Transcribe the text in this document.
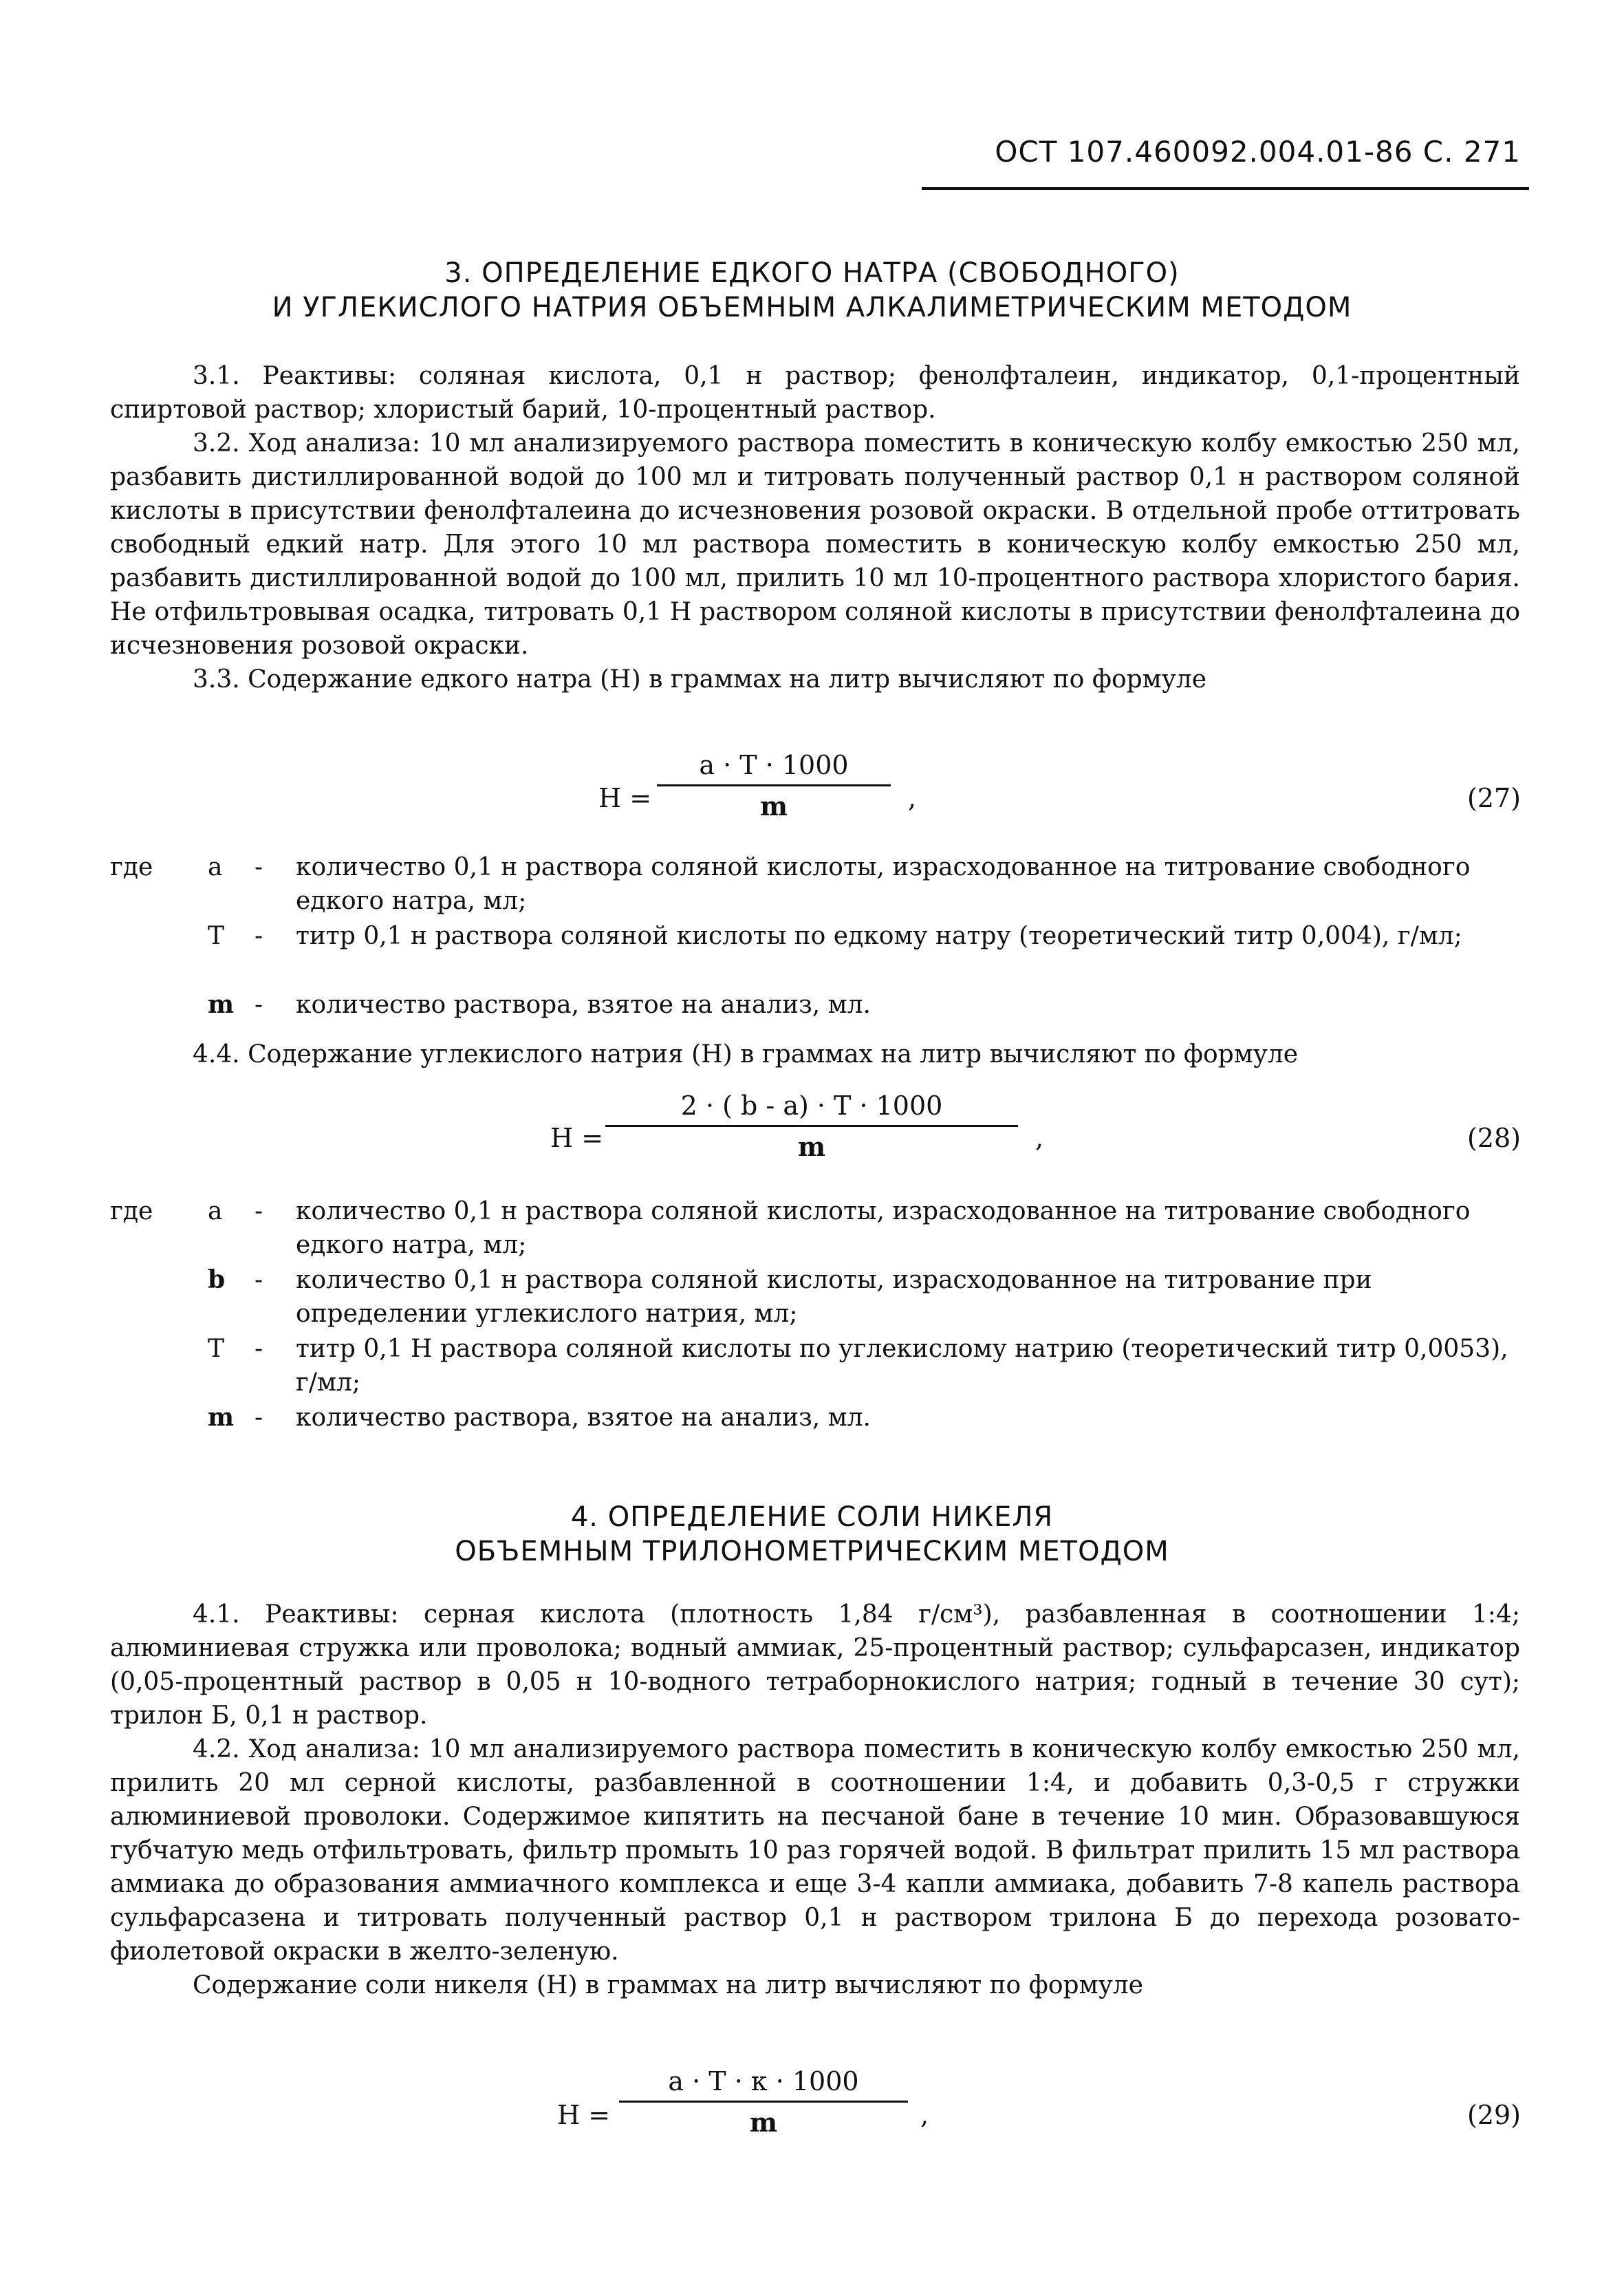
ОСТ 107.460092.004.01-86 С. 271
3. ОПРЕДЕЛЕНИЕ ЕДКОГО НАТРА (СВОБОДНОГО)
И УГЛЕКИСЛОГО НАТРИЯ ОБЪЕМНЫМ АЛКАЛИМЕТРИЧЕСКИМ МЕТОДОМ

3.1. Реактивы: соляная кислота, 0,1 н раствор; фенолфталеин, индикатор, 0,1-процентный спиртовой раствор; хлористый барий, 10-процентный раствор.

3.2. Ход анализа: 10 мл анализируемого раствора поместить в коническую колбу емкостью 250 мл, разбавить дистиллированной водой до 100 мл и титровать полученный раствор 0,1 н раствором соляной кислоты в присутствии фенолфталеина до исчезновения розовой окраски. В отдельной пробе оттитровать свободный едкий натр. Для этого 10 мл раствора поместить в коническую колбу емкостью 250 мл, разбавить дистиллированной водой до 100 мл, прилить 10 мл 10-процентного раствора хлористого бария. Не отфильтровывая осадка, титровать 0,1 Н раствором соляной кислоты в присутствии фенолфталеина до исчезновения розовой окраски.

3.3. Содержание едкого натра (Н) в граммах на литр вычисляют по формуле

Н =
а · Т · 1000
m	,	(27)
где а - количество 0,1 н раствора соляной кислоты, израсходованное на титрование свободного едкого натра, мл;
Т - титр 0,1 н раствора соляной кислоты по едкому натру (теоретический титр 0,004), г/мл;
m - количество раствора, взятое на анализ, мл.

4.4. Содержание углекислого натрия (Н) в граммах на литр вычисляют по формуле

Н =
2 · ( b - а) · Т · 1000
m	,	(28)
где а - количество 0,1 н раствора соляной кислоты, израсходованное на титрование свободного едкого натра, мл;
b - количество 0,1 н раствора соляной кислоты, израсходованное на титрование при определении углекислого натрия, мл;
Т - титр 0,1 Н раствора соляной кислоты по углекислому натрию (теоретический титр 0,0053), г/мл;
m - количество раствора, взятое на анализ, мл.
4. ОПРЕДЕЛЕНИЕ СОЛИ НИКЕЛЯ
ОБЪЕМНЫМ ТРИЛОНОМЕТРИЧЕСКИМ МЕТОДОМ

4.1. Реактивы: серная кислота (плотность 1,84 г/см³), разбавленная в соотношении 1:4; алюминиевая стружка или проволока; водный аммиак, 25-процентный раствор; сульфарсазен, индикатор (0,05-процентный раствор в 0,05 н 10-водного тетраборнокислого натрия; годный в течение 30 сут); трилон Б, 0,1 н раствор.

4.2. Ход анализа: 10 мл анализируемого раствора поместить в коническую колбу емкостью 250 мл, прилить 20 мл серной кислоты, разбавленной в соотношении 1:4, и добавить 0,3-0,5 г стружки алюминиевой проволоки. Содержимое кипятить на песчаной бане в течение 10 мин. Образовавшуюся губчатую медь отфильтровать, фильтр промыть 10 раз горячей водой. В фильтрат прилить 15 мл раствора аммиака до образования аммиачного комплекса и еще 3-4 капли аммиака, добавить 7-8 капель раствора сульфарсазена и титровать полученный раствор 0,1 н раствором трилона Б до перехода розовато-фиолетовой окраски в желто-зеленую.

Содержание соли никеля (Н) в граммах на литр вычисляют по формуле

Н =
а · Т · к · 1000
m	,	(29)
